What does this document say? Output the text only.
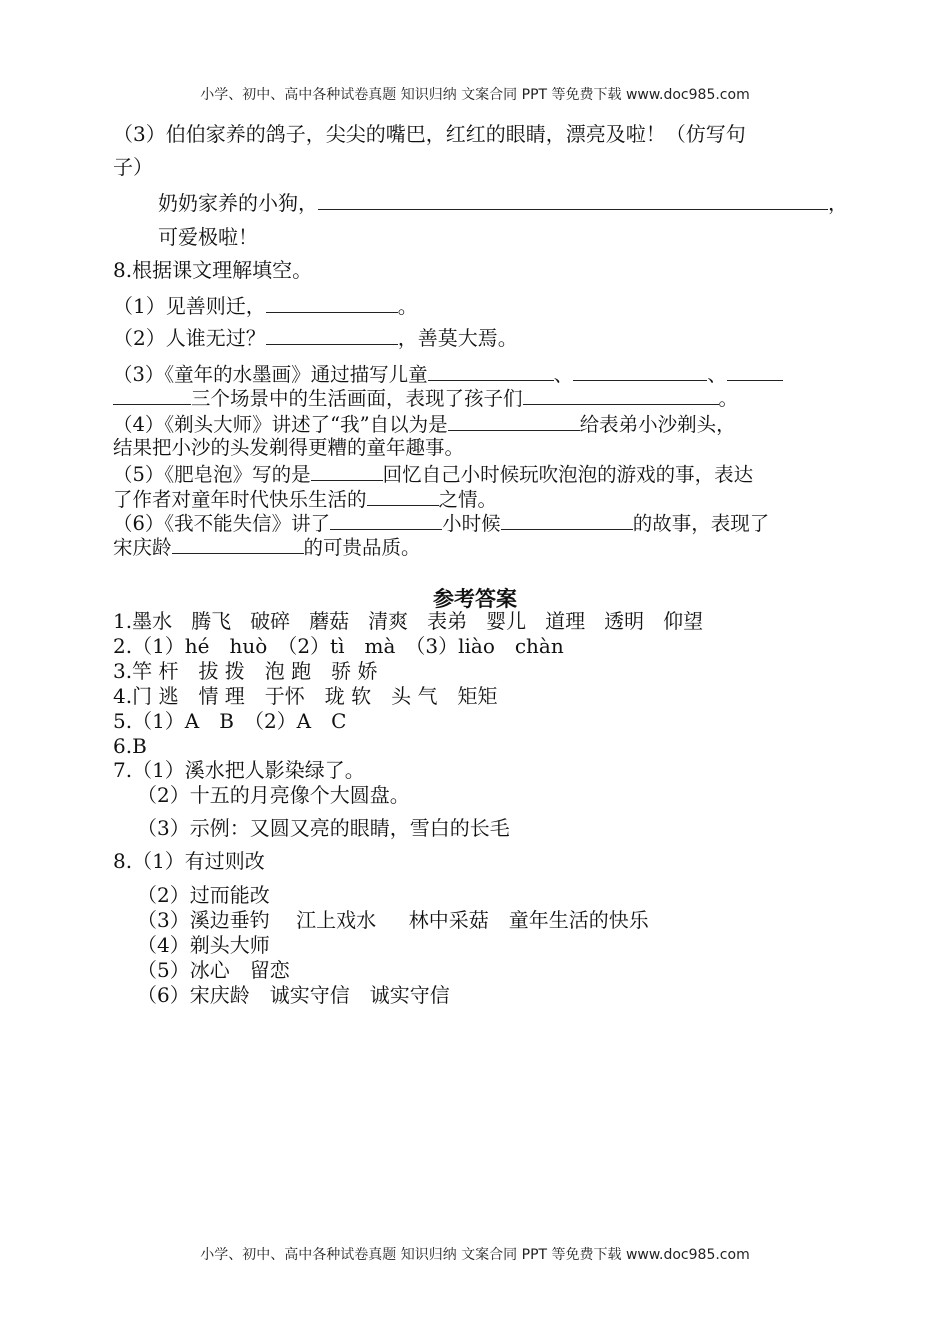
小学、初中、高中各种试卷真题 知识归纳 文案合同 PPT 等免费下载 www.doc985.com
（3）伯伯家养的鸽子，尖尖的嘴巴，红红的眼睛，漂亮及啦！（仿写句
子）
奶奶家养的小狗，	，
可爱极啦！
8.根据课文理解填空。
（1）见善则迁，	。
（2）人谁无过？	，善莫大焉。
（3）《童年的水墨画》通过描写儿童	、	、
三个场景中的生活画面，表现了孩子们	。
（4）《剃头大师》讲述了“我”自以为是	给表弟小沙剃头，
结果把小沙的头发剃得更糟的童年趣事。
（5）《肥皂泡》写的是	回忆自己小时候玩吹泡泡的游戏的事，表达
了作者对童年时代快乐生活的	之情。
（6）《我不能失信》讲了	小时候	的故事，表现了
宋庆龄	的可贵品质。
参考答案
1.墨水 腾飞 破碎 蘑菇 清爽 表弟 婴儿 道理 透明 仰望
2.（1）hé　huò　（2）tì　mà　（3）liào　chàn
3.竿 杆　拔 拨　泡 跑　骄 娇
4.门 逃　情 理　于怀　珑 软　头 气　矩矩
5.（1）A　B　（2）A　C
6.B
7.（1）溪水把人影染绿了。
（2）十五的月亮像个大圆盘。
（3）示例：又圆又亮的眼睛，雪白的长毛
8.（1）有过则改
（2）过而能改
（3）溪边垂钓　 江上戏水 　 林中采菇　童年生活的快乐
（4）剃头大师
（5）冰心　留恋
（6）宋庆龄　诚实守信　诚实守信
小学、初中、高中各种试卷真题 知识归纳 文案合同 PPT 等免费下载 www.doc985.com
